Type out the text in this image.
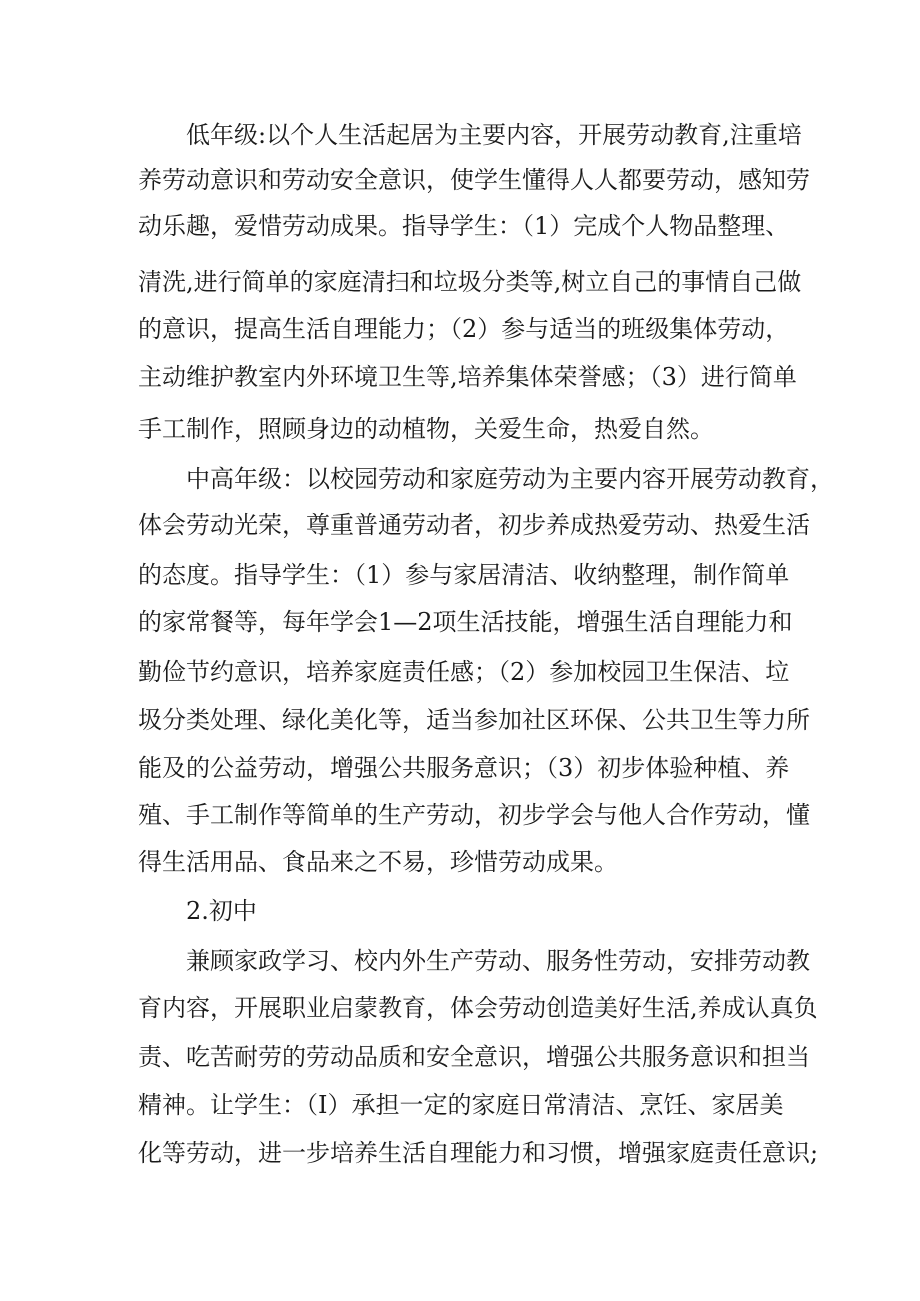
低年级:以个人生活起居为主要内容，开展劳动教育,注重培

养劳动意识和劳动安全意识，使学生懂得人人都要劳动，感知劳

动乐趣，爱惜劳动成果。指导学生：（1）完成个人物品整理、

清洗,进行简单的家庭清扫和垃圾分类等,树立自己的事情自己做

的意识，提高生活自理能力；（2）参与适当的班级集体劳动，

主动维护教室内外环境卫生等,培养集体荣誉感；（3）进行简单

手工制作，照顾身边的动植物，关爱生命，热爱自然。

中高年级：以校园劳动和家庭劳动为主要内容开展劳动教育，

体会劳动光荣，尊重普通劳动者，初步养成热爱劳动、热爱生活

的态度。指导学生：（1）参与家居清洁、收纳整理，制作简单

的家常餐等，每年学会1—2项生活技能，增强生活自理能力和

勤俭节约意识，培养家庭责任感；（2）参加校园卫生保洁、垃

圾分类处理、绿化美化等，适当参加社区环保、公共卫生等力所

能及的公益劳动，增强公共服务意识；（3）初步体验种植、养

殖、手工制作等简单的生产劳动，初步学会与他人合作劳动，懂

得生活用品、食品来之不易，珍惜劳动成果。

2.初中

兼顾家政学习、校内外生产劳动、服务性劳动，安排劳动教

育内容，开展职业启蒙教育，体会劳动创造美好生活,养成认真负

责、吃苦耐劳的劳动品质和安全意识，增强公共服务意识和担当

精神。让学生：（I）承担一定的家庭日常清洁、烹饪、家居美

化等劳动，进一步培养生活自理能力和习惯，增强家庭责任意识;
